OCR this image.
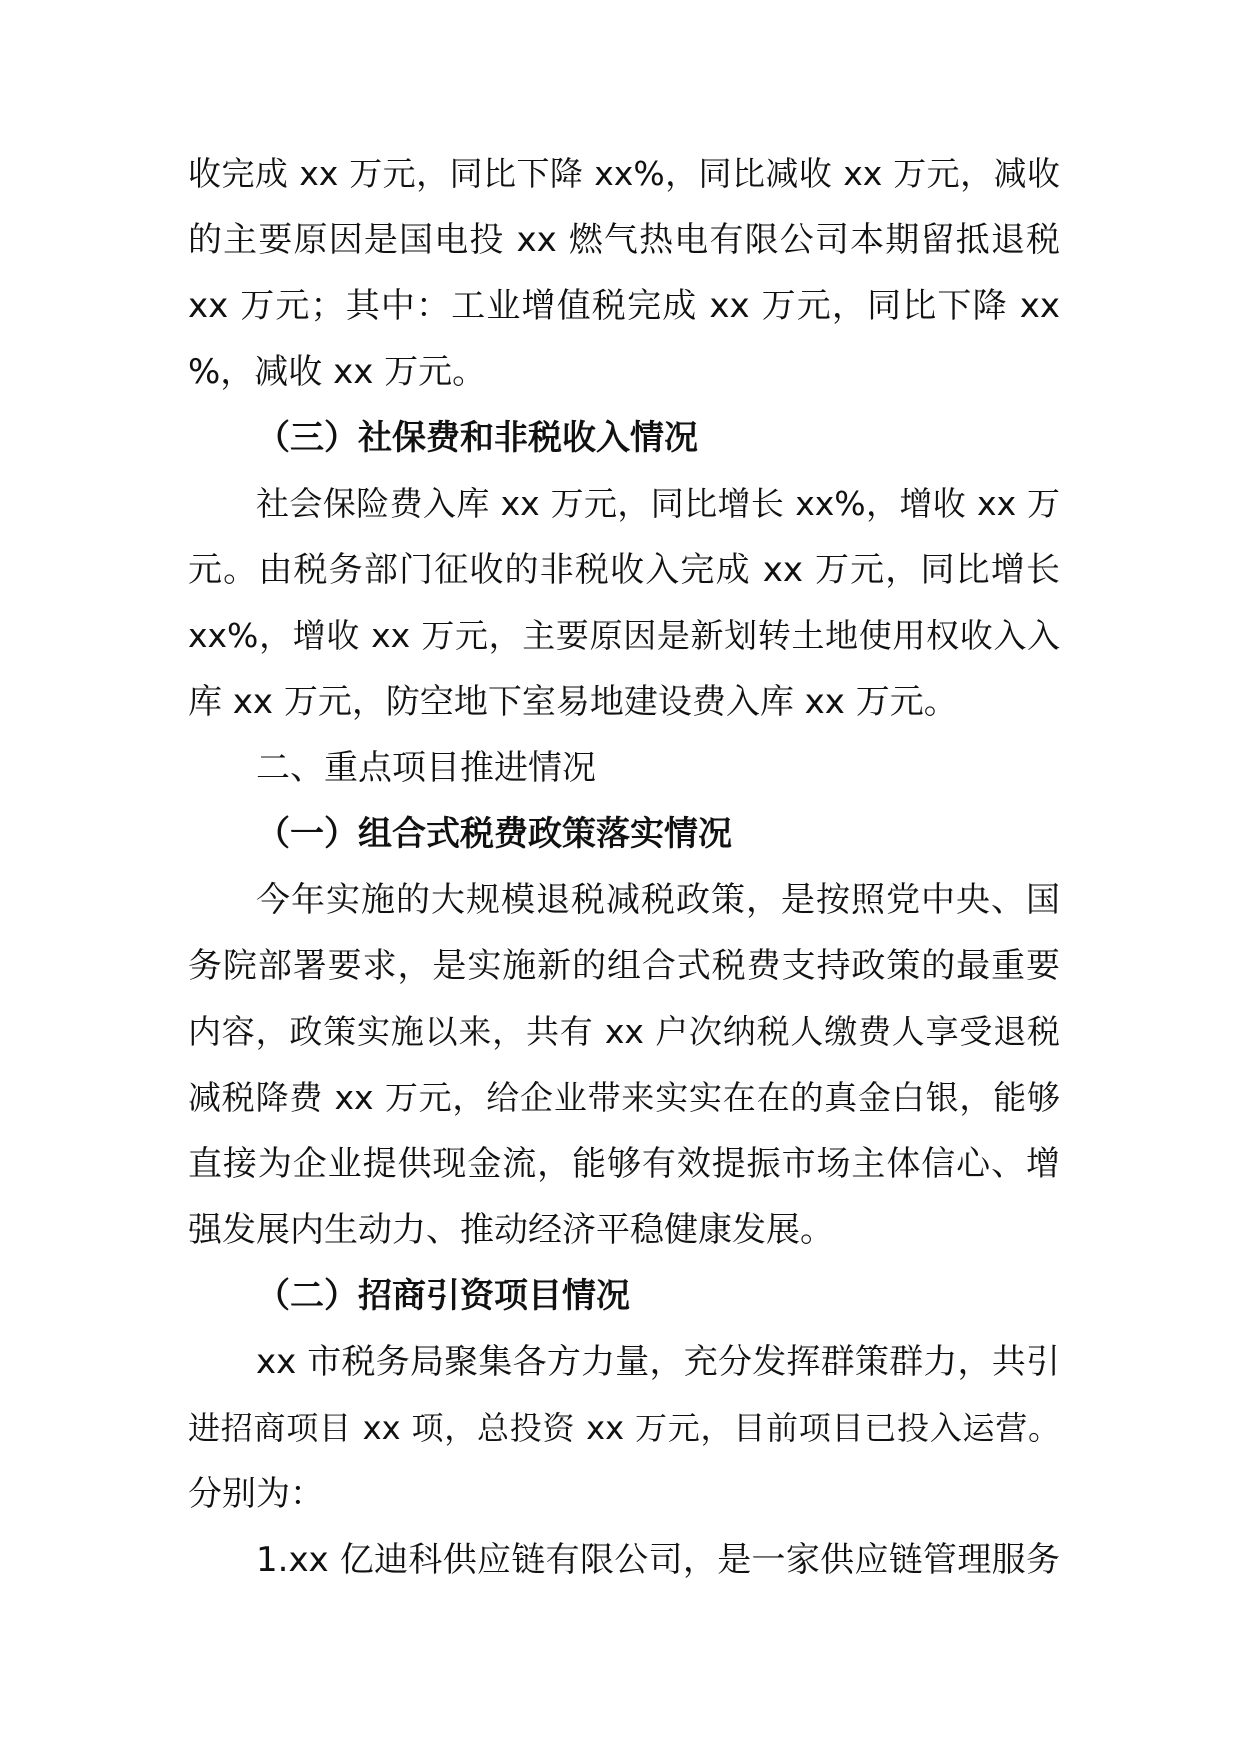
收完成 xx 万元，同比下降 xx%，同比减收 xx 万元，减收
的主要原因是国电投 xx 燃气热电有限公司本期留抵退税
xx 万元；其中：工业增值税完成 xx 万元，同比下降 xx
%，减收 xx 万元。
（三）社保费和非税收入情况
社会保险费入库 xx 万元，同比增长 xx%，增收 xx 万
元。由税务部门征收的非税收入完成 xx 万元，同比增长
xx%，增收 xx 万元，主要原因是新划转土地使用权收入入
库 xx 万元，防空地下室易地建设费入库 xx 万元。
二、重点项目推进情况
（一）组合式税费政策落实情况
今年实施的大规模退税减税政策，是按照党中央、国
务院部署要求，是实施新的组合式税费支持政策的最重要
内容，政策实施以来，共有 xx 户次纳税人缴费人享受退税
减税降费 xx 万元，给企业带来实实在在的真金白银，能够
直接为企业提供现金流，能够有效提振市场主体信心、增
强发展内生动力、推动经济平稳健康发展。
（二）招商引资项目情况
xx 市税务局聚集各方力量，充分发挥群策群力，共引
进招商项目 xx 项，总投资 xx 万元，目前项目已投入运营。
分别为：
1.xx 亿迪科供应链有限公司，是一家供应链管理服务
